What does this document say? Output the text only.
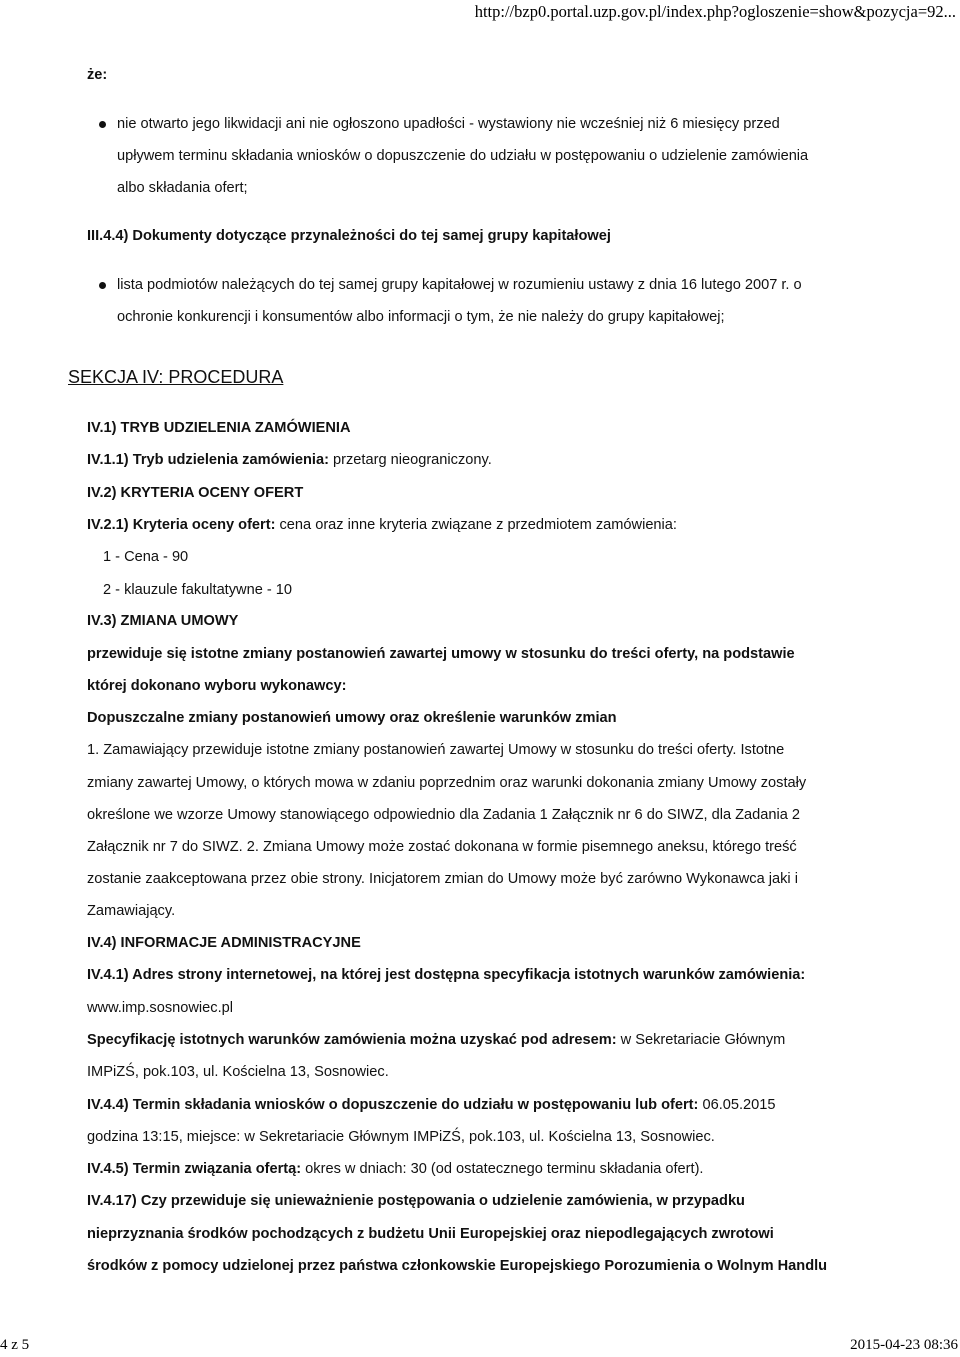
http://bzp0.portal.uzp.gov.pl/index.php?ogloszenie=show&pozycja=92...
że:
nie otwarto jego likwidacji ani nie ogłoszono upadłości - wystawiony nie wcześniej niż 6 miesięcy przed
upływem terminu składania wniosków o dopuszczenie do udziału w postępowaniu o udzielenie zamówienia
albo składania ofert;
III.4.4) Dokumenty dotyczące przynależności do tej samej grupy kapitałowej
lista podmiotów należących do tej samej grupy kapitałowej w rozumieniu ustawy z dnia 16 lutego 2007 r. o
ochronie konkurencji i konsumentów albo informacji o tym, że nie należy do grupy kapitałowej;
SEKCJA IV: PROCEDURA
IV.1) TRYB UDZIELENIA ZAMÓWIENIA
IV.1.1) Tryb udzielenia zamówienia: przetarg nieograniczony.
IV.2) KRYTERIA OCENY OFERT
IV.2.1) Kryteria oceny ofert: cena oraz inne kryteria związane z przedmiotem zamówienia:
1 - Cena - 90
2 - klauzule fakultatywne - 10
IV.3) ZMIANA UMOWY
przewiduje się istotne zmiany postanowień zawartej umowy w stosunku do treści oferty, na podstawie
której dokonano wyboru wykonawcy:
Dopuszczalne zmiany postanowień umowy oraz określenie warunków zmian
1. Zamawiający przewiduje istotne zmiany postanowień zawartej Umowy w stosunku do treści oferty. Istotne
zmiany zawartej Umowy, o których mowa w zdaniu poprzednim oraz warunki dokonania zmiany Umowy zostały
określone we wzorze Umowy stanowiącego odpowiednio dla Zadania 1 Załącznik nr 6 do SIWZ, dla Zadania 2
Załącznik nr 7 do SIWZ. 2. Zmiana Umowy może zostać dokonana w formie pisemnego aneksu, którego treść
zostanie zaakceptowana przez obie strony. Inicjatorem zmian do Umowy może być zarówno Wykonawca jaki i
Zamawiający.
IV.4) INFORMACJE ADMINISTRACYJNE
IV.4.1) Adres strony internetowej, na której jest dostępna specyfikacja istotnych warunków zamówienia:
www.imp.sosnowiec.pl
Specyfikację istotnych warunków zamówienia można uzyskać pod adresem: w Sekretariacie Głównym
IMPiZŚ, pok.103, ul. Kościelna 13, Sosnowiec.
IV.4.4) Termin składania wniosków o dopuszczenie do udziału w postępowaniu lub ofert: 06.05.2015
godzina 13:15, miejsce: w Sekretariacie Głównym IMPiZŚ, pok.103, ul. Kościelna 13, Sosnowiec.
IV.4.5) Termin związania ofertą: okres w dniach: 30 (od ostatecznego terminu składania ofert).
IV.4.17) Czy przewiduje się unieważnienie postępowania o udzielenie zamówienia, w przypadku
nieprzyznania środków pochodzących z budżetu Unii Europejskiej oraz niepodlegających zwrotowi
środków z pomocy udzielonej przez państwa członkowskie Europejskiego Porozumienia o Wolnym Handlu
4 z 5	2015-04-23 08:36
